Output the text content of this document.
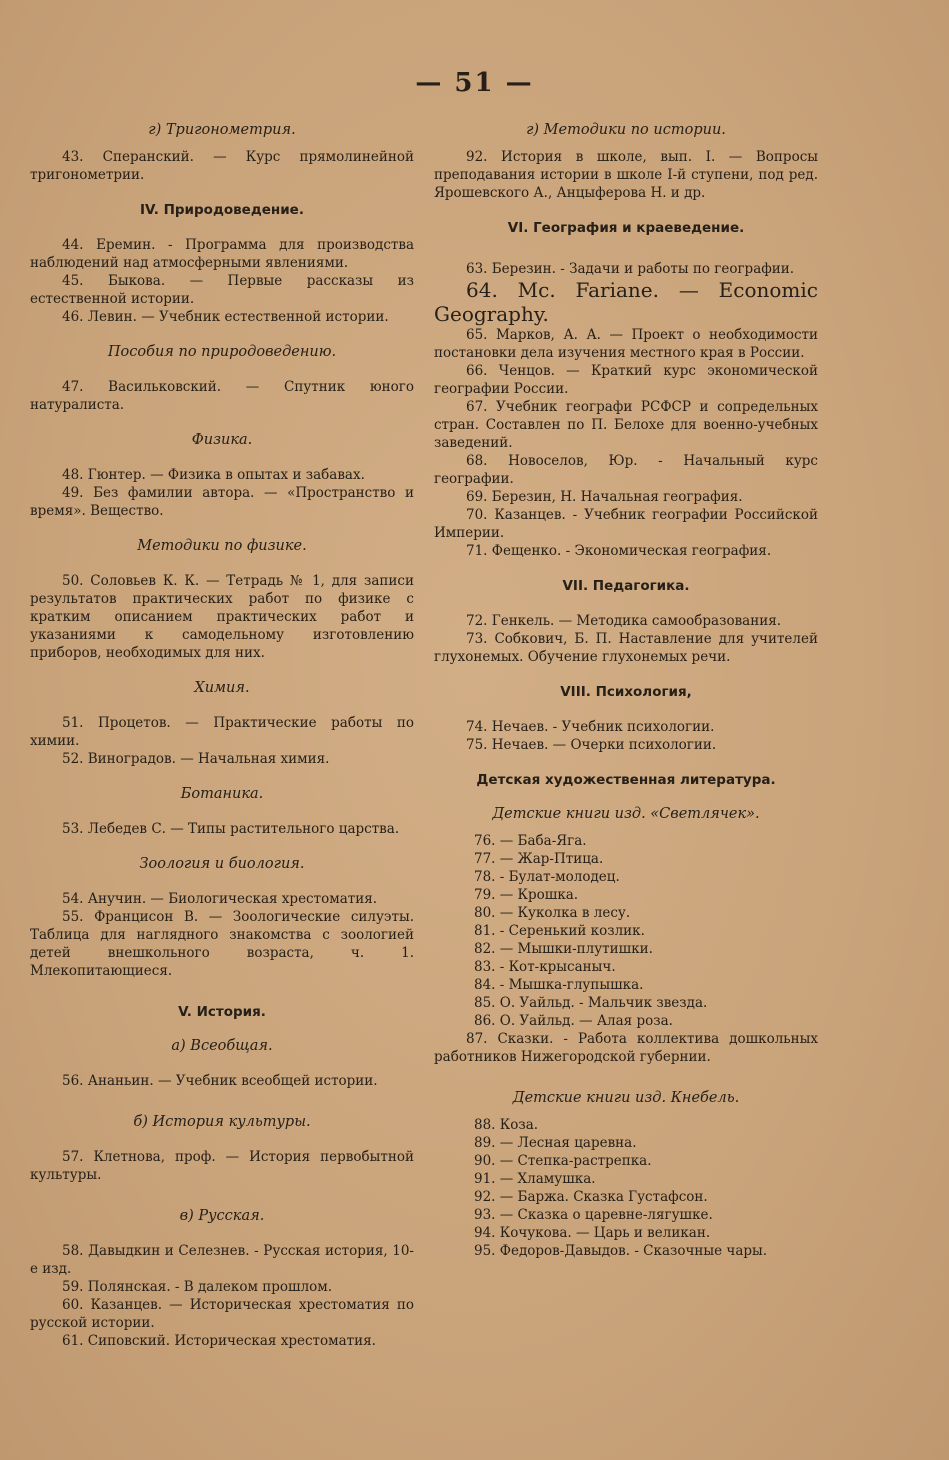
— 51 —

г) Тригонометрия.

43. Сперанский. — Курс прямолинейной тригонометрии.

IV. Природоведение.

44. Еремин. - Программа для производства наблюдений над атмосферными явлениями.

45. Быкова. — Первые рассказы из естественной истории.

46. Левин. — Учебник естественной истории.

Пособия по природоведению.

47. Васильковский. — Спутник юного натуралиста.

Физика.

48. Гюнтер. — Физика в опытах и забавах.

49. Без фамилии автора. — «Пространство и время». Вещество.

Методики по физике.

50. Соловьев К. К. — Тетрадь № 1, для записи результатов практических работ по физике с кратким описанием практических работ и указаниями к самодельному изготовлению приборов, необходимых для них.

Химия.

51. Процетов. — Практические работы по химии.

52. Виноградов. — Начальная химия.

Ботаника.

53. Лебедев С. — Типы растительного царства.

Зоология и биология.

54. Анучин. — Биологическая хрестоматия.

55. Францисон В. — Зоологические силуэты. Таблица для наглядного знакомства с зоологией детей внешкольного возраста, ч. 1. Млекопитающиеся.

V. История.

а) Всеобщая.

56. Ананьин. — Учебник всеобщей истории.

б) История культуры.

57. Клетнова, проф. — История первобытной культуры.

в) Русская.

58. Давыдкин и Селезнев. - Русская история, 10-е изд.

59. Полянская. - В далеком прошлом.

60. Казанцев. — Историческая хрестоматия по русской истории.

61. Сиповский. Историческая хрестоматия.

г) Методики по истории.

92. История в школе, вып. I. — Вопросы преподавания истории в школе I-й ступени, под ред. Ярошевского А., Анцыферова Н. и др.

VI. География и краеведение.

63. Березин. - Задачи и работы по географии.

64. Mc. Fariane. — Economic Geography.

65. Марков, А. А. — Проект о необходимости постановки дела изучения местного края в России.

66. Ченцов. — Краткий курс экономической географии России.

67. Учебник географи РСФСР и сопредельных стран. Составлен по П. Белохе для военно-учебных заведений.

68. Новоселов, Юр. - Начальный курс географии.

69. Березин, Н. Начальная география.

70. Казанцев. - Учебник географии Российской Империи.

71. Фещенко. - Экономическая география.

VII. Педагогика.

72. Генкель. — Методика самообразования.

73. Собкович, Б. П. Наставление для учителей глухонемых. Обучение глухонемых речи.

VIII. Психология,

74. Нечаев. - Учебник психологии.

75. Нечаев. — Очерки психологии.

Детская художественная литература.

Детские книги изд. «Светлячек».

76. — Баба-Яга.

77. — Жар-Птица.

78. - Булат-молодец.

79. — Крошка.

80. — Куколка в лесу.

81. - Серенький козлик.

82. — Мышки-плутишки.

83. - Кот-крысаныч.

84. - Мышка-глупышка.

85. О. Уайльд. - Мальчик звезда.

86. О. Уайльд. — Алая роза.

87. Сказки. - Работа коллектива дошкольных работников Нижегородской губернии.

Детские книги изд. Кнебель.

88. Коза.

89. — Лесная царевна.

90. — Степка-растрепка.

91. — Хламушка.

92. — Баржа. Сказка Густафсон.

93. — Сказка о царевне-лягушке.

94. Кочукова. — Царь и великан.

95. Федоров-Давыдов. - Сказочные чары.
